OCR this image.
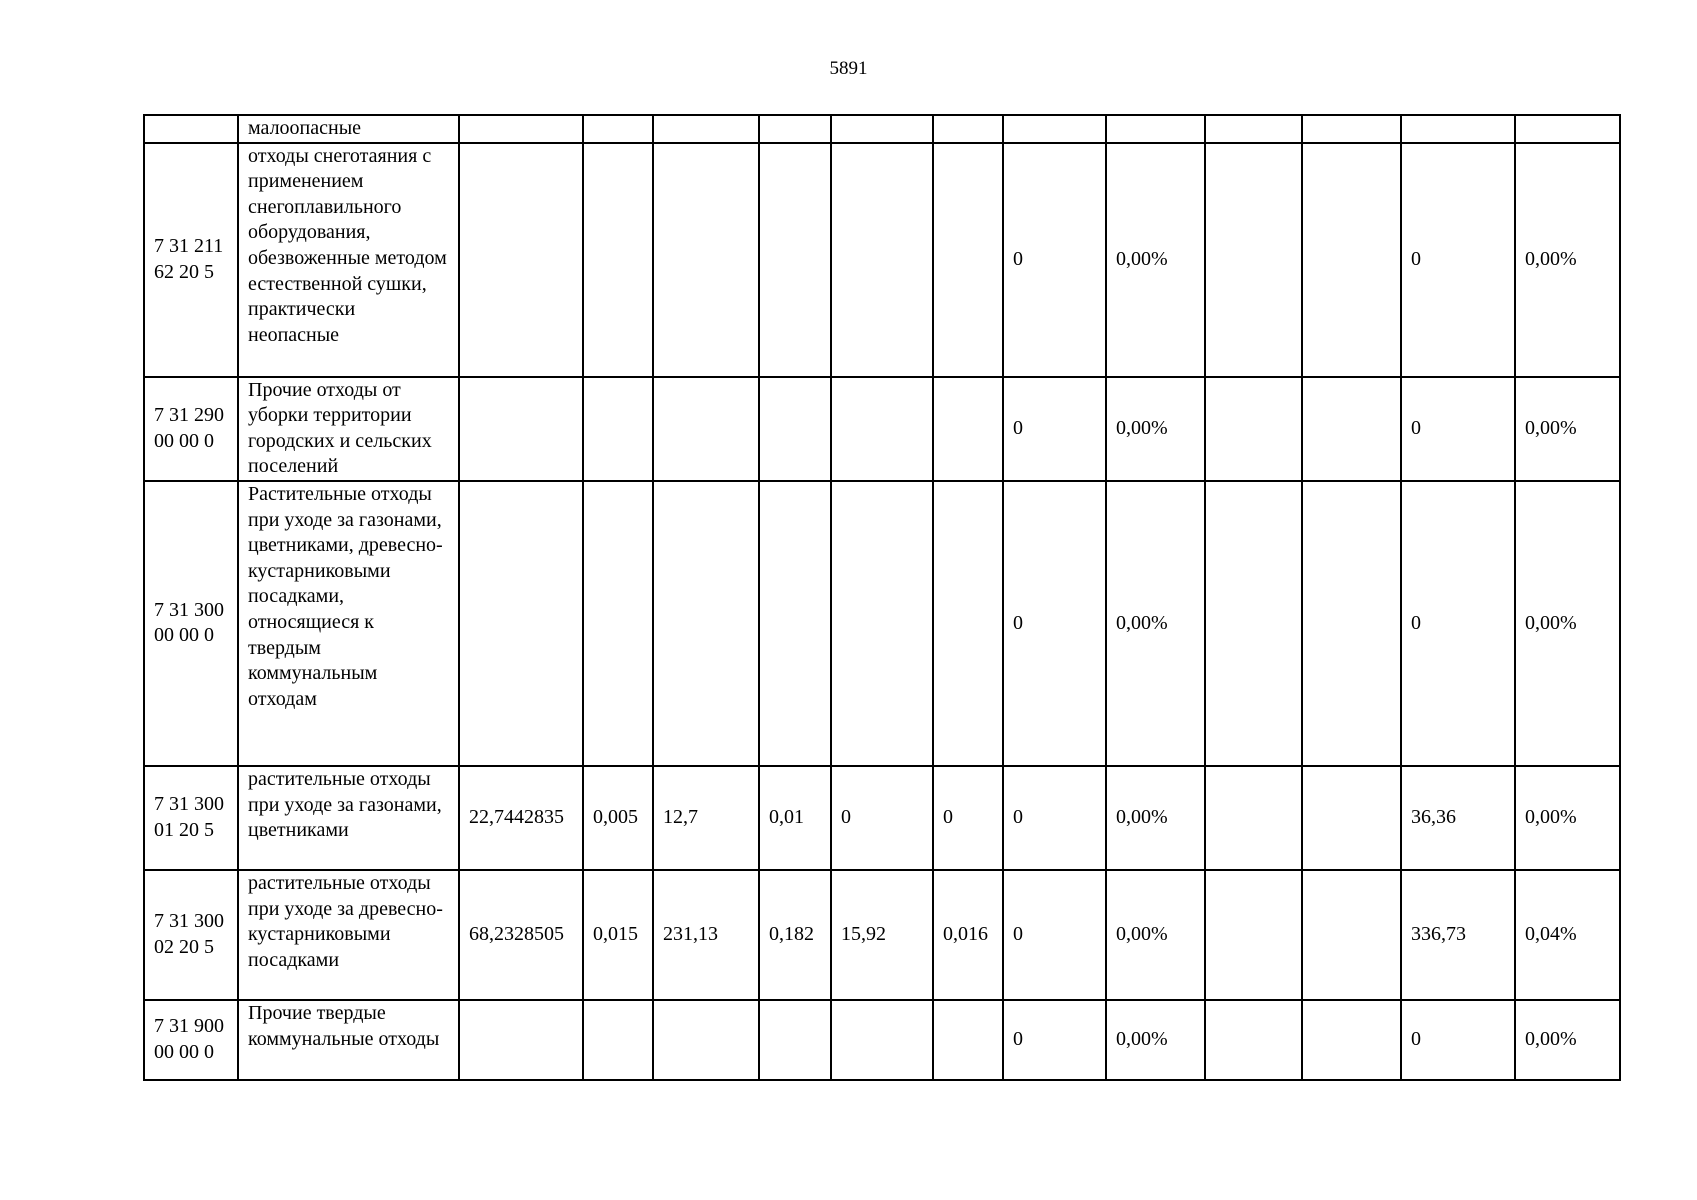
5891
	малоопасные												
7 31 211 62 20 5	отходы снеготаяния с применением снегоплавильного оборудования, обезвоженные методом естественной сушки, практически неопасные							0	0,00%			0	0,00%
7 31 290 00 00 0	Прочие отходы от уборки территории городских и сельских поселений							0	0,00%			0	0,00%
7 31 300 00 00 0	Растительные отходы при уходе за газонами, цветниками, древесно-кустарниковыми посадками, относящиеся к твердым коммунальным отходам							0	0,00%			0	0,00%
7 31 300 01 20 5	растительные отходы при уходе за газонами, цветниками	22,7442835	0,005	12,7	0,01	0	0	0	0,00%			36,36	0,00%
7 31 300 02 20 5	растительные отходы при уходе за древесно-кустарниковыми посадками	68,2328505	0,015	231,13	0,182	15,92	0,016	0	0,00%			336,73	0,04%
7 31 900 00 00 0	Прочие твердые коммунальные отходы							0	0,00%			0	0,00%
